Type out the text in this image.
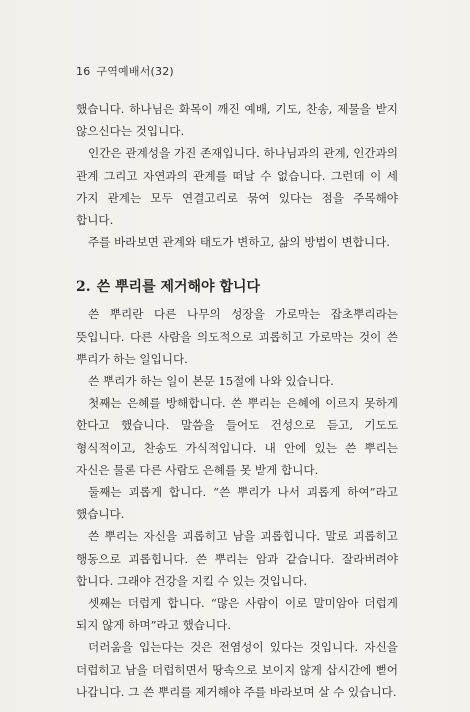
16 구역예배서(32)

했습니다. 하나님은 화목이 깨진 예배, 기도, 찬송, 제물을 받지 않으신다는 것입니다.

인간은 관계성을 가진 존재입니다. 하나님과의 관계, 인간과의 관계 그리고 자연과의 관계를 떠날 수 없습니다. 그런데 이 세 가지 관계는 모두 연결고리로 묶여 있다는 점을 주목해야 합니다.

주를 바라보면 관계와 태도가 변하고, 삶의 방법이 변합니다.

2. 쓴 뿌리를 제거해야 합니다

쓴 뿌리란 다른 나무의 성장을 가로막는 잡초뿌리라는 뜻입니다. 다른 사람을 의도적으로 괴롭히고 가로막는 것이 쓴 뿌리가 하는 일입니다.

쓴 뿌리가 하는 일이 본문 15절에 나와 있습니다.

첫째는 은혜를 방해합니다. 쓴 뿌리는 은혜에 이르지 못하게 한다고 했습니다. 말씀을 들어도 건성으로 듣고, 기도도 형식적이고, 찬송도 가식적입니다. 내 안에 있는 쓴 뿌리는 자신은 물론 다른 사람도 은혜를 못 받게 합니다.

둘째는 괴롭게 합니다. “쓴 뿌리가 나서 괴롭게 하여”라고 했습니다.

쓴 뿌리는 자신을 괴롭히고 남을 괴롭힙니다. 말로 괴롭히고 행동으로 괴롭힙니다. 쓴 뿌리는 암과 같습니다. 잘라버려야 합니다. 그래야 건강을 지킬 수 있는 것입니다.

셋째는 더럽게 합니다. “많은 사람이 이로 말미암아 더럽게 되지 않게 하며”라고 했습니다.

더러움을 입는다는 것은 전염성이 있다는 것입니다. 자신을 더럽히고 남을 더럽히면서 땅속으로 보이지 않게 삽시간에 뻗어 나갑니다. 그 쓴 뿌리를 제거해야 주를 바라보며 살 수 있습니다.
